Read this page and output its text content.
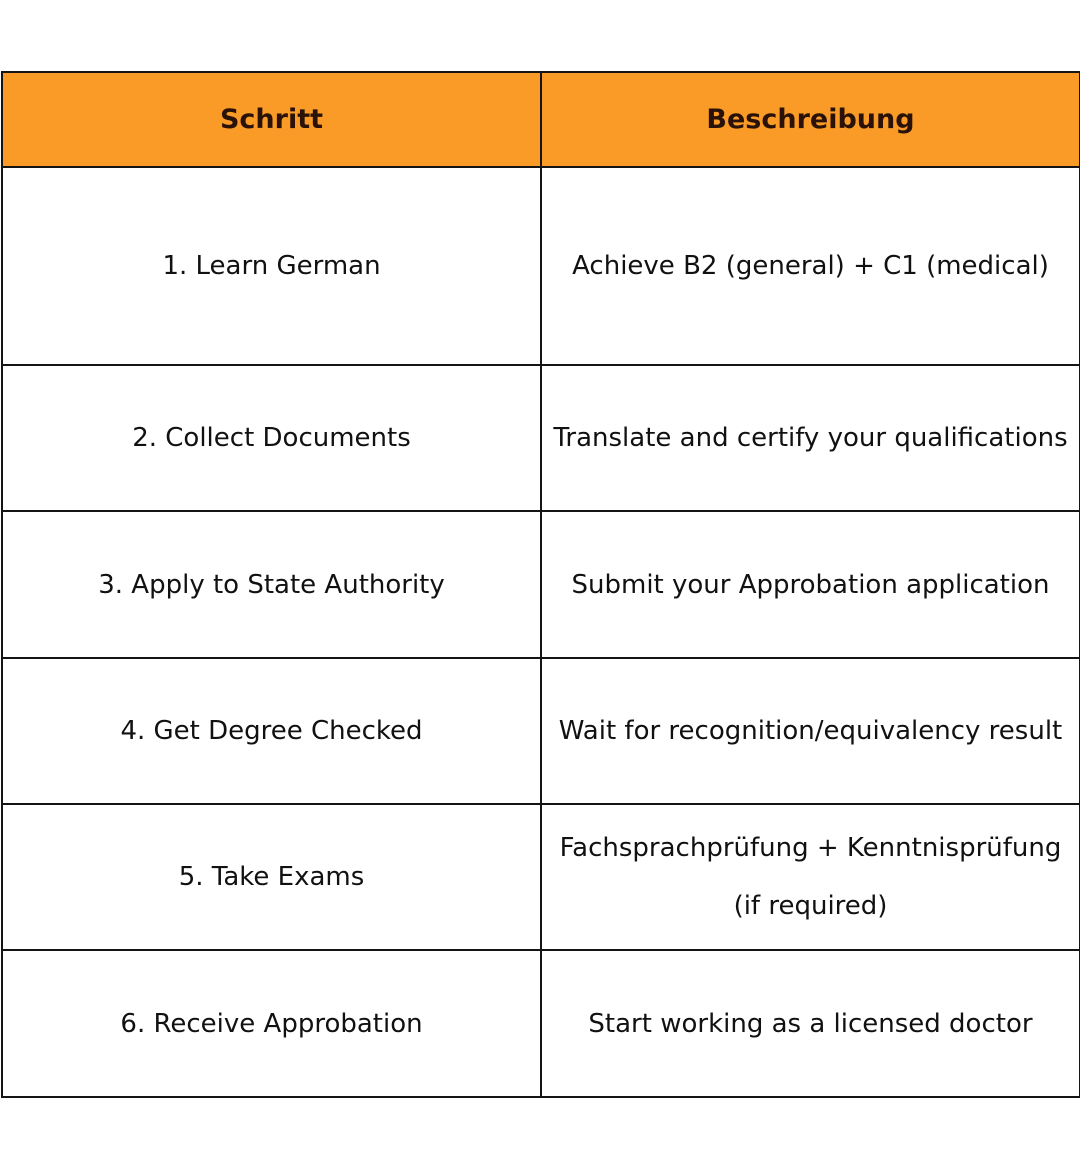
Schritt	Beschreibung
1. Learn German	Achieve B2 (general) + C1 (medical)

2. Collect Documents	Translate and certify your qualifications

3. Apply to State Authority	Submit your Approbation application

4. Get Degree Checked	Wait for recognition/equivalency result

5. Take Exams	Fachsprachprüfung + Kenntnisprüfung
(if required)

6. Receive Approbation	Start working as a licensed doctor
